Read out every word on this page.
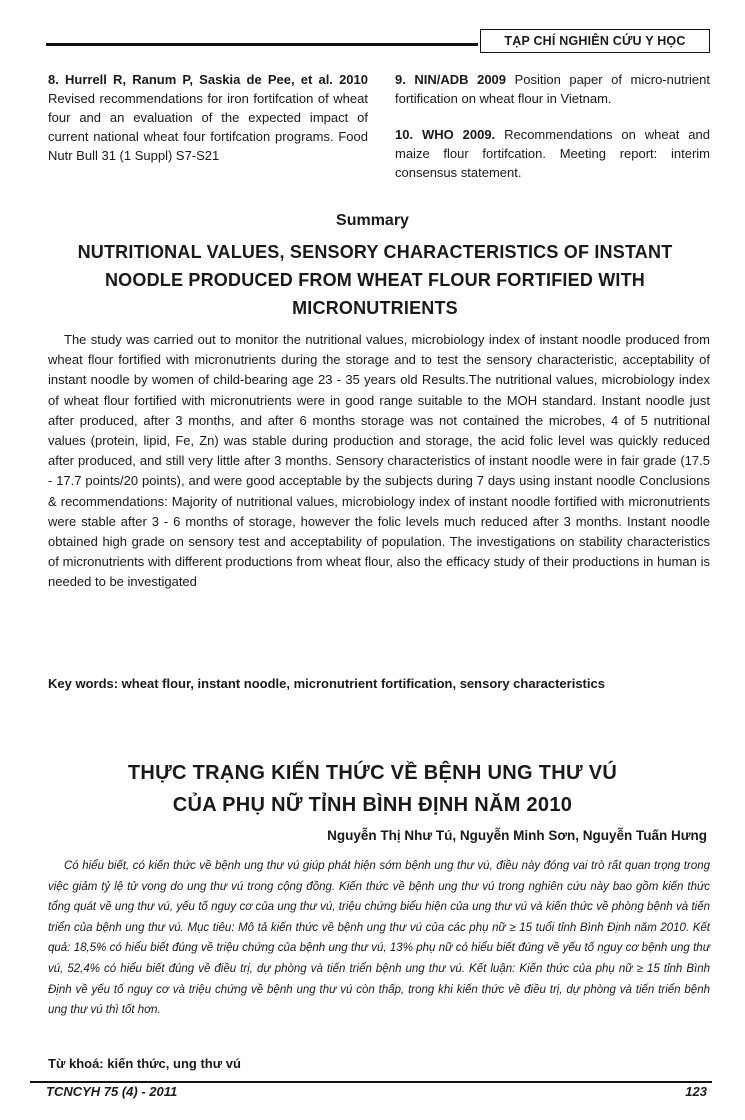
TẠP CHÍ NGHIÊN CỨU Y HỌC
8. Hurrell R, Ranum P, Saskia de Pee, et al. 2010 Revised recommendations for iron fortifcation of wheat four and an evaluation of the expected impact of current national wheat four fortifcation programs. Food Nutr Bull 31 (1 Suppl) S7-S21
9. NIN/ADB 2009 Position paper of micro-nutrient fortification on wheat flour in Vietnam.
10. WHO 2009. Recommendations on wheat and maize flour fortifcation. Meeting report: interim consensus statement.
Summary
NUTRITIONAL VALUES, SENSORY CHARACTERISTICS OF INSTANT NOODLE PRODUCED FROM WHEAT FLOUR FORTIFIED WITH MICRONUTRIENTS
The study was carried out to monitor the nutritional values, microbiology index of instant noodle produced from wheat flour fortified with micronutrients during the storage and to test the sensory characteristic, acceptability of instant noodle by women of child-bearing age 23 - 35 years old Results.The nutritional values, microbiology index of wheat flour fortified with micronutrients were in good range suitable to the MOH standard. Instant noodle just after produced, after 3 months, and after 6 months storage was not contained the microbes, 4 of 5 nutritional values (protein, lipid, Fe, Zn) was stable during production and storage, the acid folic level was quickly reduced after produced, and still very little after 3 months. Sensory characteristics of instant noodle were in fair grade (17.5 - 17.7 points/20 points), and were good acceptable by the subjects during 7 days using instant noodle Conclusions & recommendations: Majority of nutritional values, microbiology index of instant noodle fortified with micronutrients were stable after 3 - 6 months of storage, however the folic levels much reduced after 3 months. Instant noodle obtained high grade on sensory test and acceptability of population. The investigations on stability characteristics of micronutrients with different productions from wheat flour, also the efficacy study of their productions in human is needed to be investigated
Key words: wheat flour, instant noodle, micronutrient fortification, sensory characteristics
THỰC TRẠNG KIẾN THỨC VỀ BỆNH UNG THƯ VÚ
CỦA PHỤ NỮ TỈNH BÌNH ĐỊNH NĂM 2010
Nguyễn Thị Như Tú, Nguyễn Minh Sơn, Nguyễn Tuấn Hưng
Có hiểu biết, có kiến thức về bệnh ung thư vú giúp phát hiện sớm bệnh ung thư vú, điều này đóng vai trò rất quan trọng trong việc giảm tỷ lệ tử vong do ung thư vú trong cộng đồng. Kiến thức về bệnh ung thư vú trong nghiên cứu này bao gồm kiến thức tổng quát về ung thư vú, yếu tố nguy cơ của ung thư vú, triệu chứng biểu hiện của ung thư vú và kiến thức về phòng bệnh và tiến triển của bệnh ung thư vú. Mục tiêu: Mô tả kiến thức về bệnh ung thư vú của các phụ nữ ≥ 15 tuổi tỉnh Bình Định năm 2010. Kết quả: 18,5% có hiểu biết đúng về triệu chứng của bệnh ung thư vú, 13% phụ nữ có hiểu biết đúng về yếu tố nguy cơ bệnh ung thư vú, 52,4% có hiểu biết đúng về điều trị, dự phòng và tiến triển bệnh ung thư vú. Kết luận: Kiến thức của phụ nữ ≥ 15 tỉnh Bình Định về yếu tố nguy cơ và triệu chứng về bệnh ung thư vú còn thấp, trong khi kiến thức về điều trị, dự phòng và tiến triển bệnh ung thư vú thì tốt hơn.
Từ khoá: kiến thức, ung thư vú
TCNCYH 75 (4) - 2011	123
